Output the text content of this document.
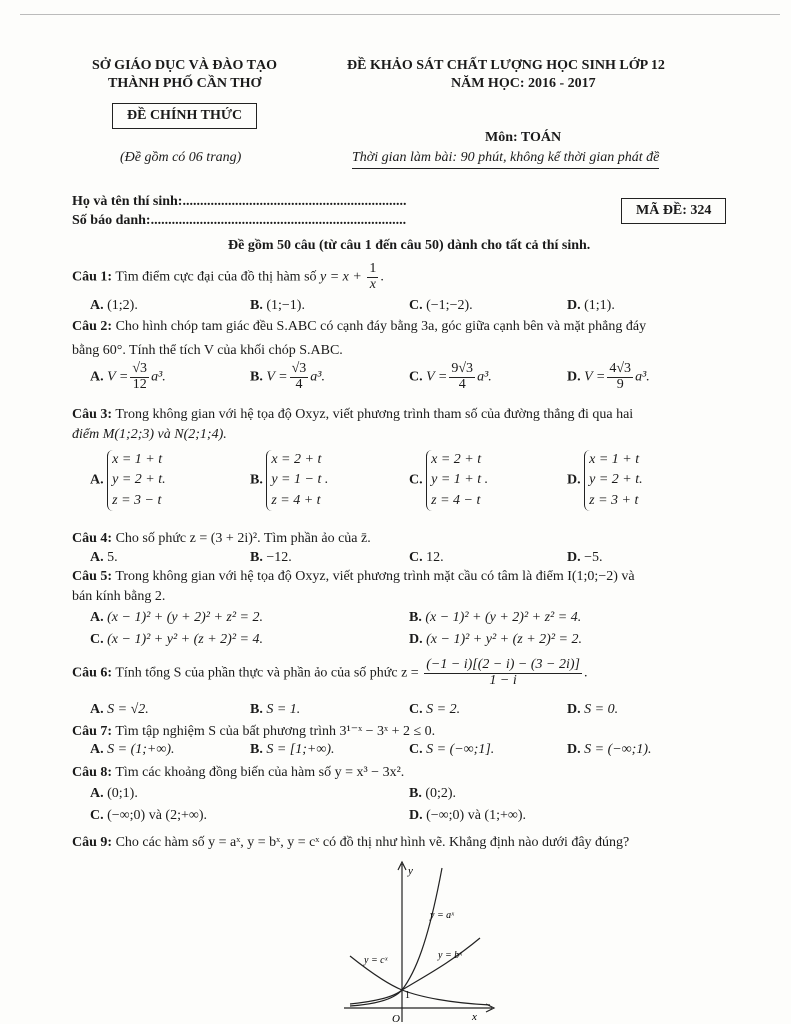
SỞ GIÁO DỤC VÀ ĐÀO TẠO
THÀNH PHỐ CẦN THƠ
ĐỀ CHÍNH THỨC
(Đề gồm có 06 trang)
ĐỀ KHẢO SÁT CHẤT LƯỢNG HỌC SINH LỚP 12
NĂM HỌC: 2016 - 2017
Môn: TOÁN
Thời gian làm bài: 90 phút, không kể thời gian phát đề
Họ và tên thí sinh:................................................................
Số báo danh:.........................................................................
MÃ ĐỀ: 324
Đề gồm 50 câu (từ câu 1 đến câu 50) dành cho tất cả thí sinh.
Câu 1: Tìm điểm cực đại của đồ thị hàm số $y = x + \frac{1}{x}$ .
A. (1;2).	B. (1;−1).	C. (−1;−2).	D. (1;1).
Câu 2: Cho hình chóp tam giác đều S.ABC có cạnh đáy bằng 3a, góc giữa cạnh bên và mặt phẳng đáy
bằng 60°. Tính thể tích V của khối chóp S.ABC.
A. $V = \frac{√3}{12} a^3$.	B. $V = \frac{√3}{4} a^3$.	C. $V = \frac{9√3}{4} a^3$.	D. $V = \frac{4√3}{9} a^3$.
Câu 3: Trong không gian với hệ tọa độ Oxyz, viết phương trình tham số của đường thẳng đi qua hai
điểm M(1;2;3) và N(2;1;4).
A.
x = 1 + t
y = 2 + t.
z = 3 − t
B.
x = 2 + t
y = 1 − t .
z = 4 + t
C.
x = 2 + t
y = 1 + t .
z = 4 − t
D.
x = 1 + t
y = 2 + t.
z = 3 + t
Câu 4: Cho số phức z = (3 + 2i)². Tìm phần ảo của z̄.
A. 5.	B. −12.	C. 12.	D. −5.
Câu 5: Trong không gian với hệ tọa độ Oxyz, viết phương trình mặt cầu có tâm là điểm I(1;0;−2) và
bán kính bằng 2.
A. (x − 1)² + (y + 2)² + z² = 2.	B. (x − 1)² + (y + 2)² + z² = 4.
C. (x − 1)² + y² + (z + 2)² = 4.	D. (x − 1)² + y² + (z + 2)² = 2.
Câu 6: Tính tổng S của phần thực và phần ảo của số phức $z = \frac{(-1 - i)[(2 - i) - (3 - 2i)]}{1 - i}$ .
A. S = √2.	B. S = 1.	C. S = 2.	D. S = 0.
Câu 7: Tìm tập nghiệm S của bất phương trình 3¹⁻ˣ − 3ˣ + 2 ≤ 0.
A. S = (1;+∞).	B. S = [1;+∞).	C. S = (−∞;1].	D. S = (−∞;1).
Câu 8: Tìm các khoảng đồng biến của hàm số y = x³ − 3x².
A. (0;1).	B. (0;2).
C. (−∞;0) và (2;+∞).	D. (−∞;0) và (1;+∞).
Câu 9: Cho các hàm số y = aˣ, y = bˣ, y = cˣ có đồ thị như hình vẽ. Khẳng định nào dưới đây đúng?
y
x
O
1
y = aˣ
y = bˣ
y = cˣ
